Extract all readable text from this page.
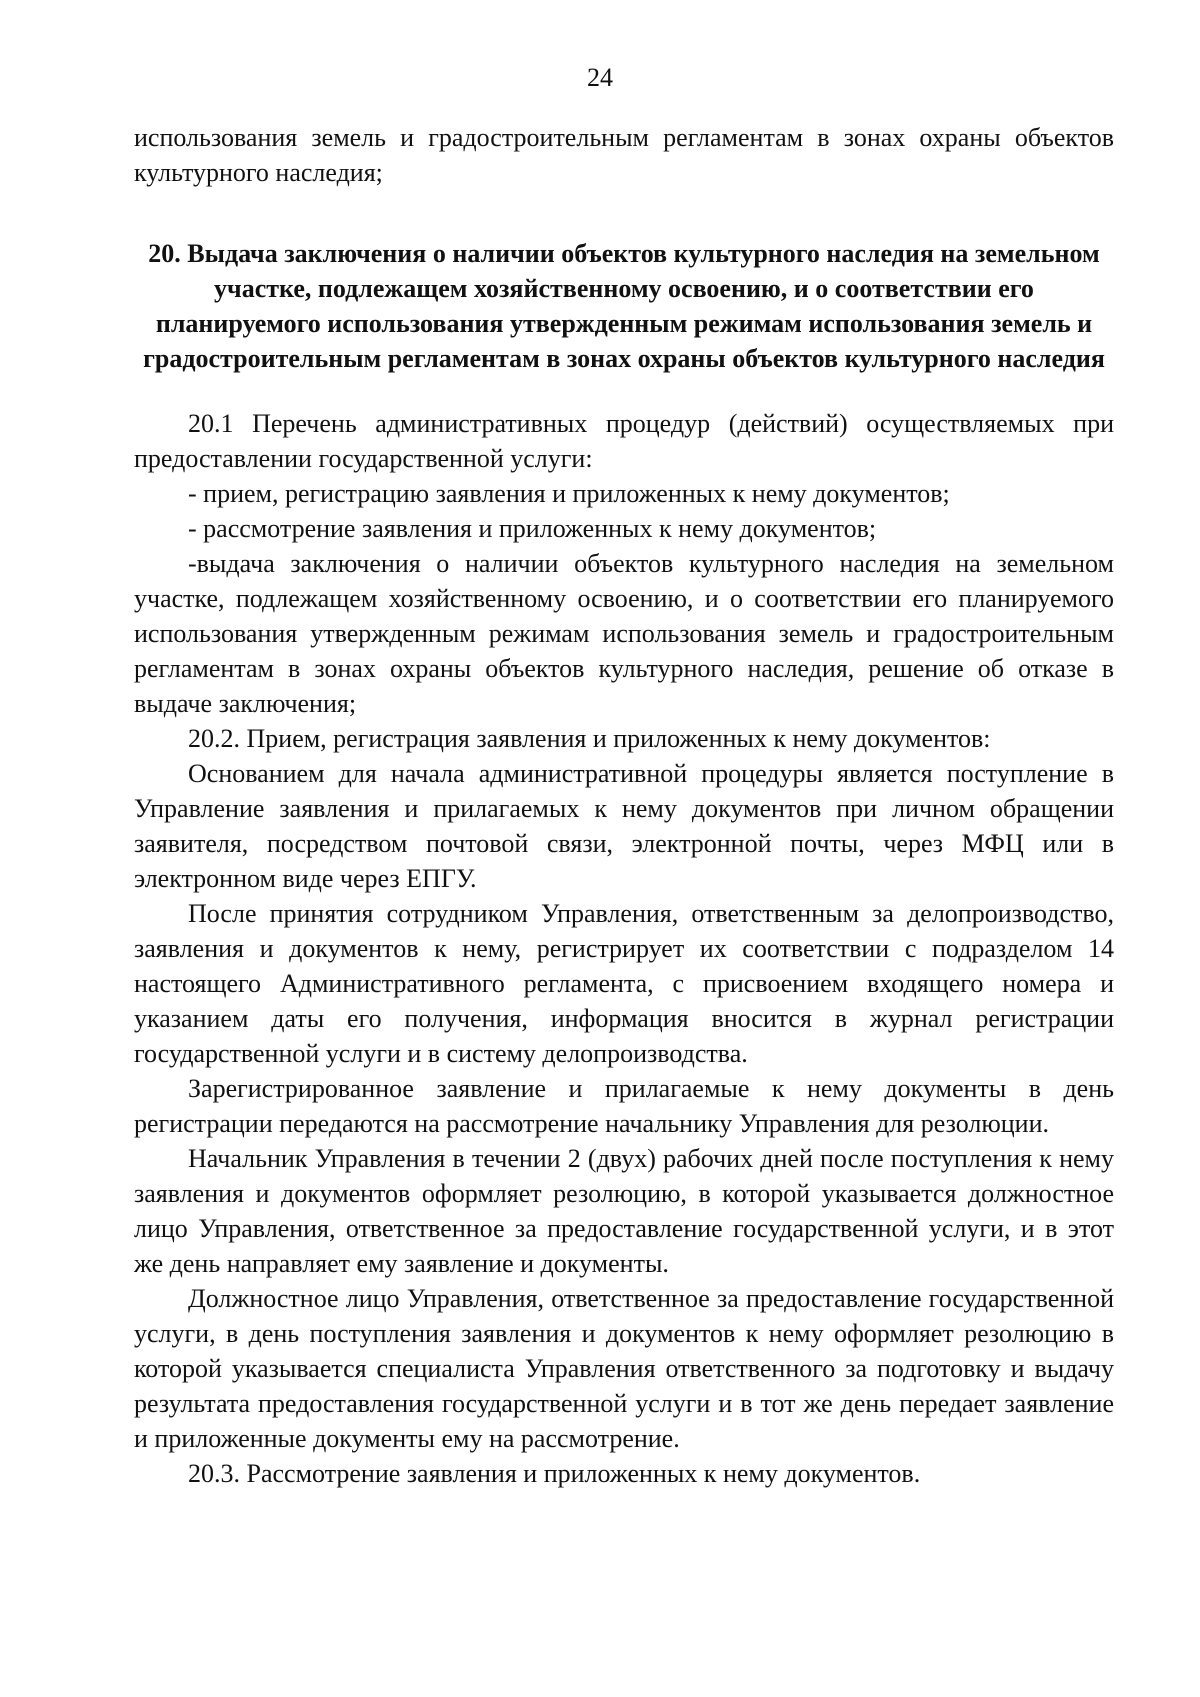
24

использования земель и градостроительным регламентам в зонах охраны объектов культурного наследия;

20. Выдача заключения о наличии объектов культурного наследия на земельном участке, подлежащем хозяйственному освоению, и о соответствии его планируемого использования утвержденным режимам использования земель и градостроительным регламентам в зонах охраны объектов культурного наследия

20.1 Перечень административных процедур (действий) осуществляемых при предоставлении государственной услуги:

- прием, регистрацию заявления и приложенных к нему документов;

- рассмотрение заявления и приложенных к нему документов;

-выдача заключения о наличии объектов культурного наследия на земельном участке, подлежащем хозяйственному освоению, и о соответствии его планируемого использования утвержденным режимам использования земель и градостроительным регламентам в зонах охраны объектов культурного наследия, решение об отказе в выдаче заключения;

20.2. Прием, регистрация заявления и приложенных к нему документов:

Основанием для начала административной процедуры является поступление в Управление заявления и прилагаемых к нему документов при личном обращении заявителя, посредством почтовой связи, электронной почты, через МФЦ или в электронном виде через ЕПГУ.

После принятия сотрудником Управления, ответственным за делопроизводство, заявления и документов к нему, регистрирует их соответствии с подразделом 14 настоящего Административного регламента, с присвоением входящего номера и указанием даты его получения, информация вносится в журнал регистрации государственной услуги и в систему делопроизводства.

Зарегистрированное заявление и прилагаемые к нему документы в день регистрации передаются на рассмотрение начальнику Управления для резолюции.

Начальник Управления в течении 2 (двух) рабочих дней после поступления к нему заявления и документов оформляет резолюцию, в которой указывается должностное лицо Управления, ответственное за предоставление государственной услуги, и в этот же день направляет ему заявление и документы.

Должностное лицо Управления, ответственное за предоставление государственной услуги, в день поступления заявления и документов к нему оформляет резолюцию в которой указывается специалиста Управления ответственного за подготовку и выдачу результата предоставления государственной услуги и в тот же день передает заявление и приложенные документы ему на рассмотрение.

20.3. Рассмотрение заявления и приложенных к нему документов.
